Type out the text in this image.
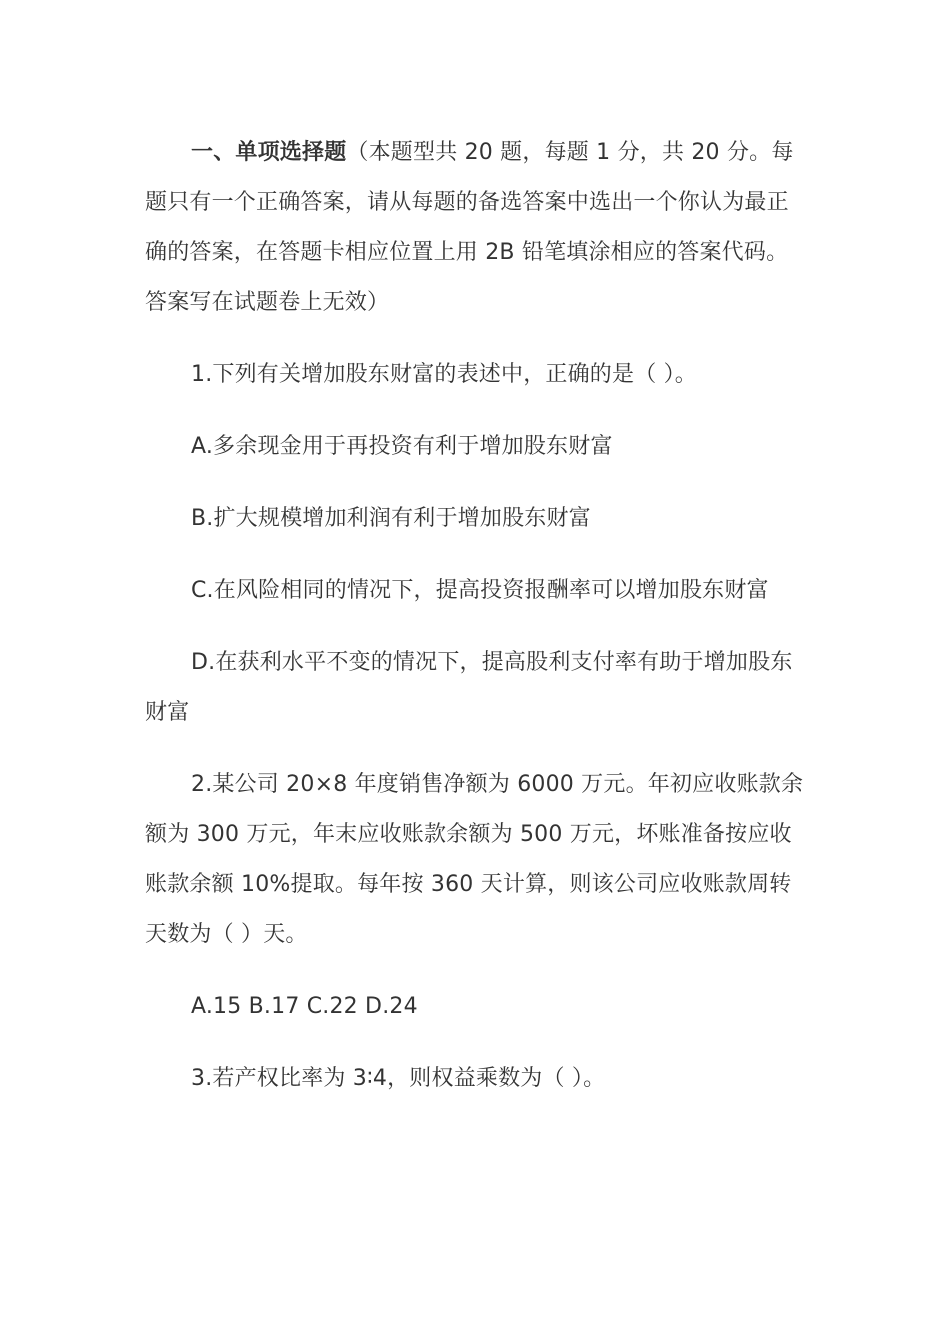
一、单项选择题（本题型共 20 题，每题 1 分，共 20 分。每题只有一个正确答案，请从每题的备选答案中选出一个你认为最正确的答案，在答题卡相应位置上用 2B 铅笔填涂相应的答案代码。答案写在试题卷上无效）

1.下列有关增加股东财富的表述中，正确的是（ ）。

A.多余现金用于再投资有利于增加股东财富

B.扩大规模增加利润有利于增加股东财富

C.在风险相同的情况下，提高投资报酬率可以增加股东财富

D.在获利水平不变的情况下，提高股利支付率有助于增加股东财富

2.某公司 20×8 年度销售净额为 6000 万元。年初应收账款余额为 300 万元，年末应收账款余额为 500 万元，坏账准备按应收账款余额 10%提取。每年按 360 天计算，则该公司应收账款周转天数为（ ）天。

A.15 B.17 C.22 D.24

3.若产权比率为 3∶4，则权益乘数为（ ）。
